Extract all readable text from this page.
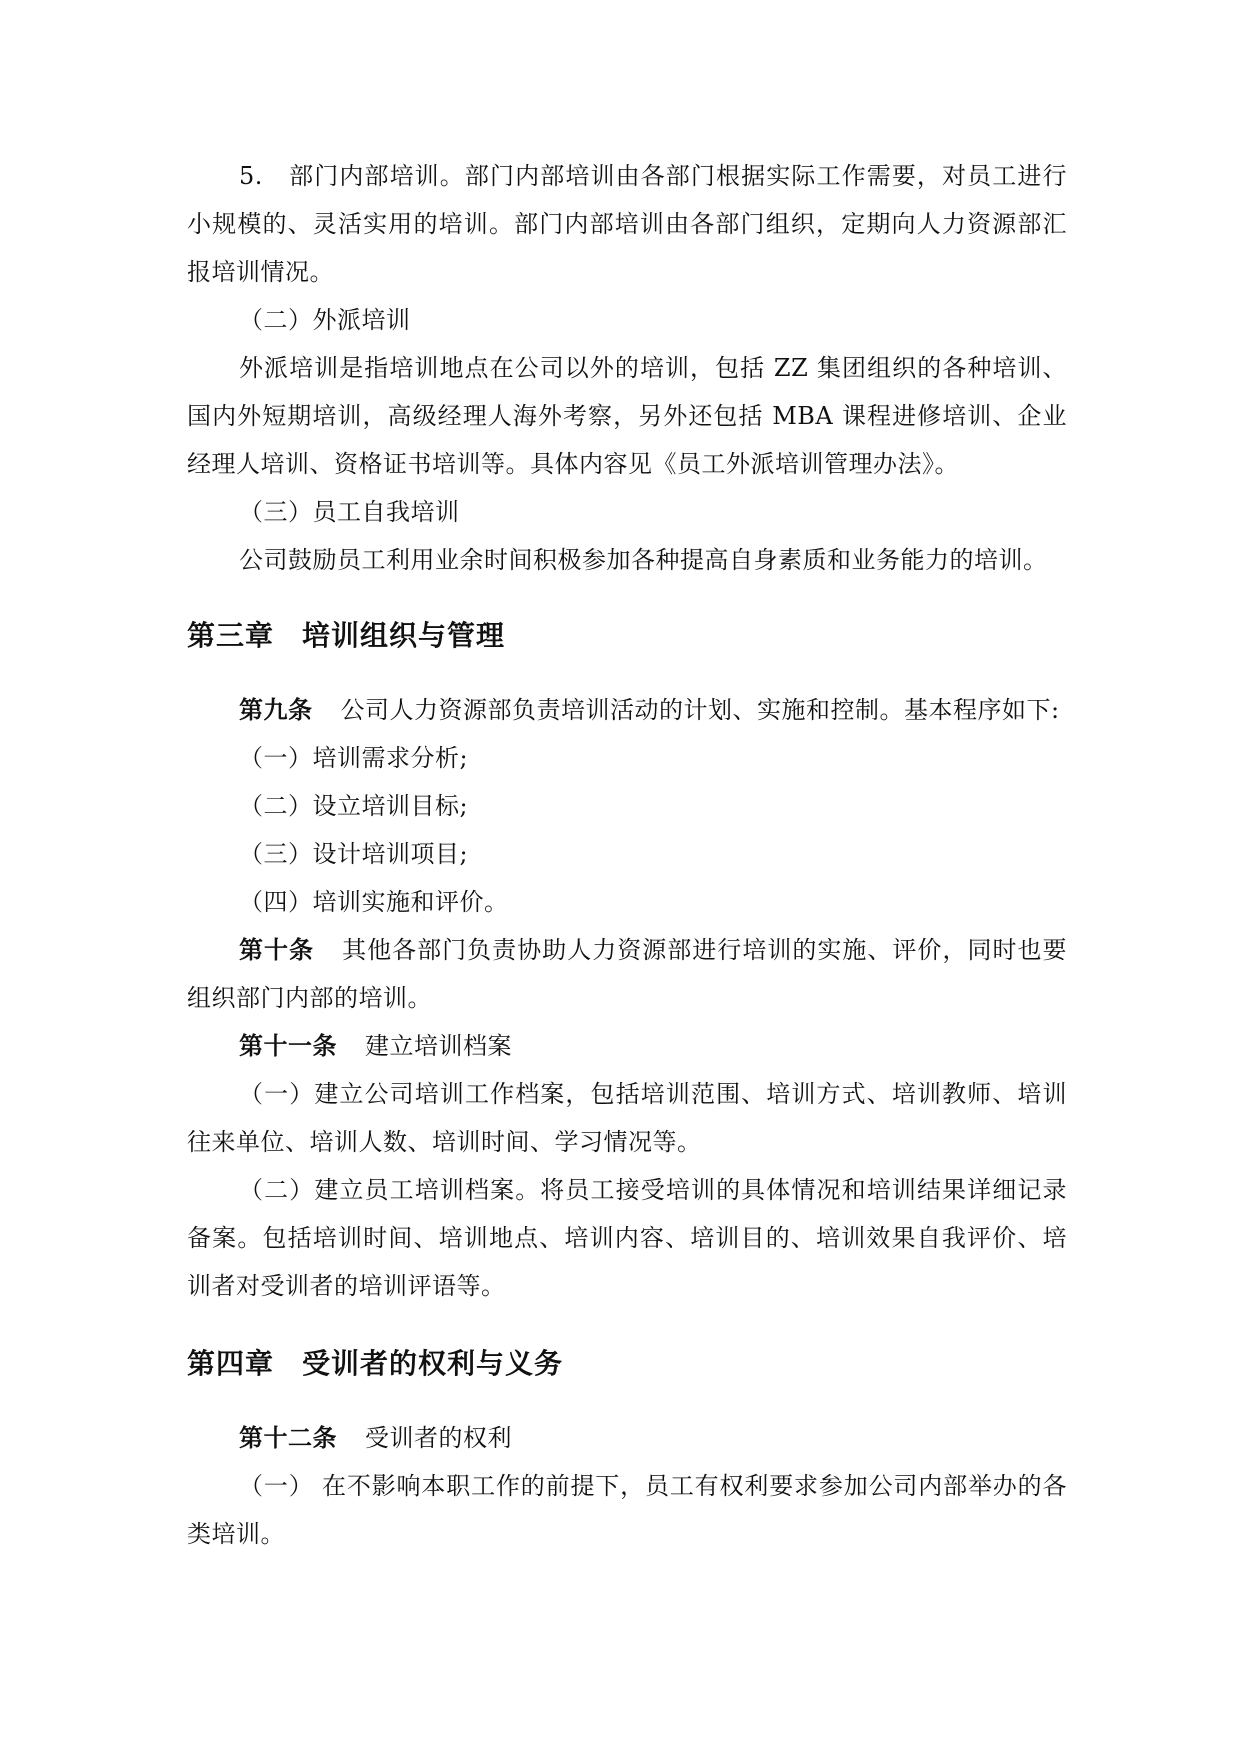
5.   部门内部培训。部门内部培训由各部门根据实际工作需要，对员工进行小规模的、灵活实用的培训。部门内部培训由各部门组织，定期向人力资源部汇报培训情况。

（二）外派培训

外派培训是指培训地点在公司以外的培训，包括 ZZ 集团组织的各种培训、国内外短期培训，高级经理人海外考察，另外还包括 MBA 课程进修培训、企业经理人培训、资格证书培训等。具体内容见《员工外派培训管理办法》。

（三）员工自我培训

公司鼓励员工利用业余时间积极参加各种提高自身素质和业务能力的培训。

第三章 培训组织与管理

第九条 公司人力资源部负责培训活动的计划、实施和控制。基本程序如下:

（一）培训需求分析;

（二）设立培训目标;

（三）设计培训项目;

（四）培训实施和评价。

第十条 其他各部门负责协助人力资源部进行培训的实施、评价，同时也要组织部门内部的培训。

第十一条 建立培训档案

（一）建立公司培训工作档案，包括培训范围、培训方式、培训教师、培训往来单位、培训人数、培训时间、学习情况等。

（二）建立员工培训档案。将员工接受培训的具体情况和培训结果详细记录备案。包括培训时间、培训地点、培训内容、培训目的、培训效果自我评价、培训者对受训者的培训评语等。

第四章 受训者的权利与义务

第十二条 受训者的权利

（一） 在不影响本职工作的前提下，员工有权利要求参加公司内部举办的各类培训。
